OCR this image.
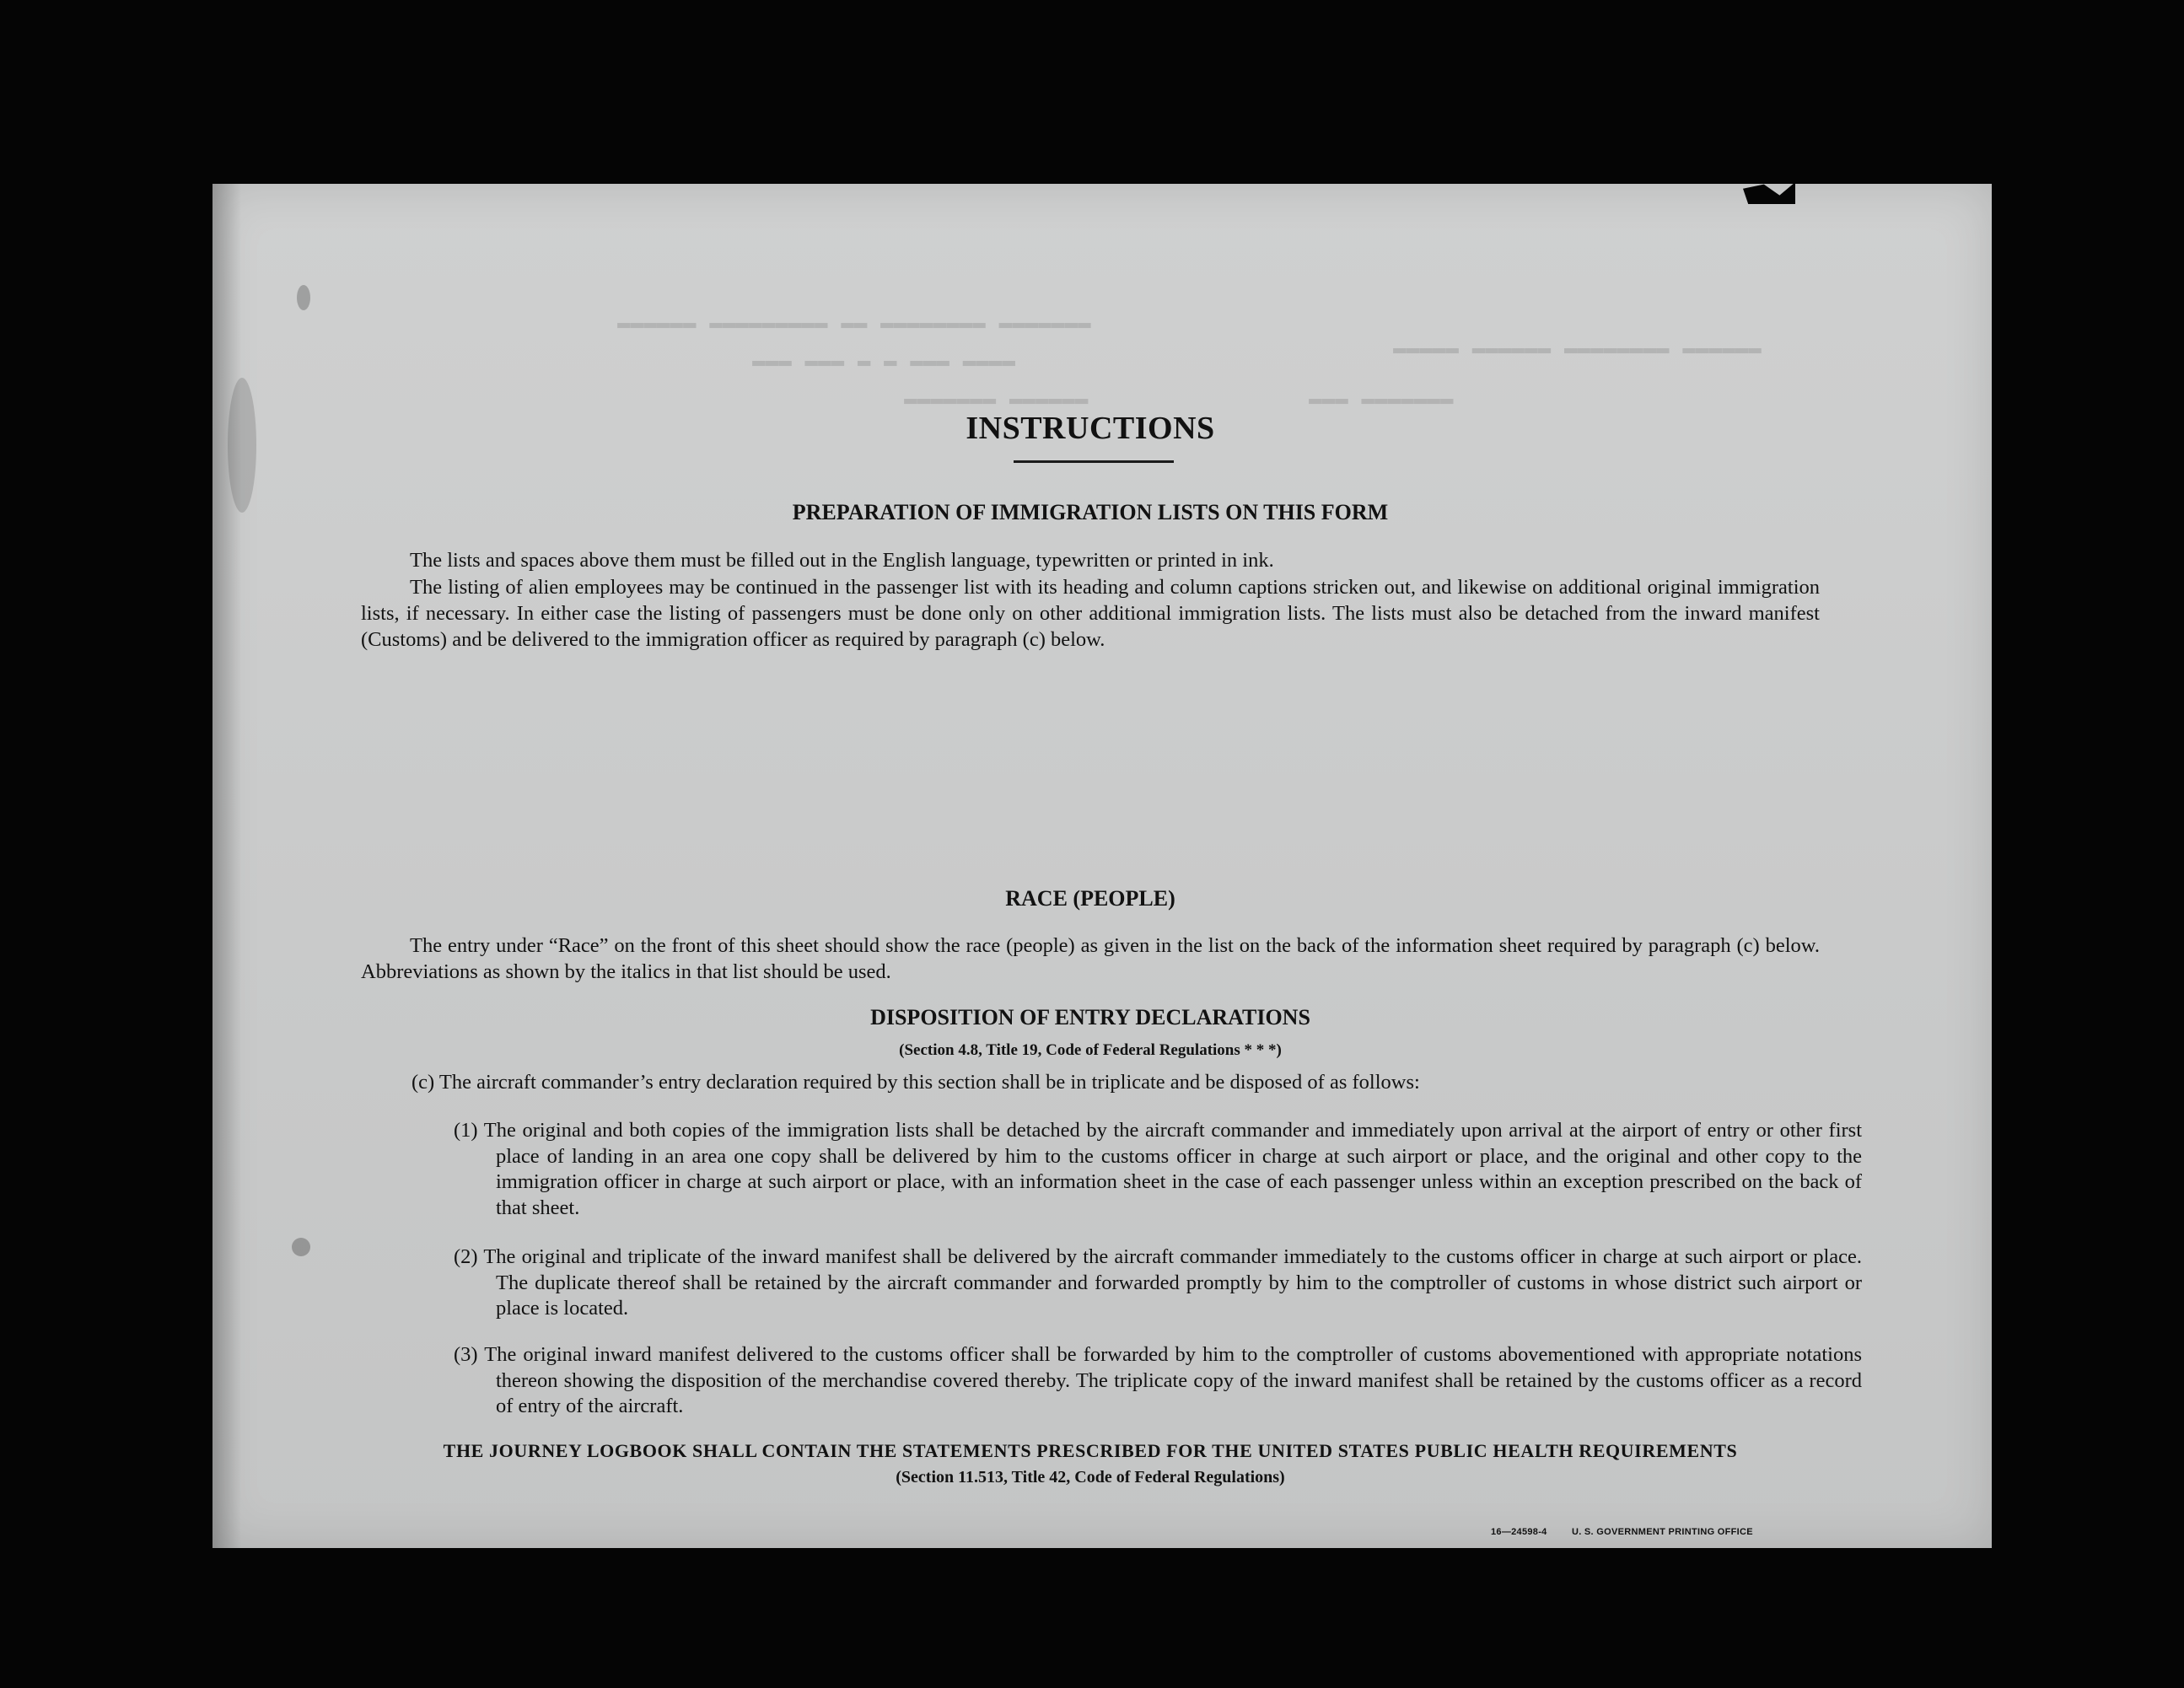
▬▬▬▬▬▬ ▬▬▬▬▬▬▬▬▬ ▬▬ ▬▬▬▬▬▬▬▬ ▬▬▬▬▬▬▬
▬▬▬ ▬▬▬ ▬ ▬ ▬▬▬ ▬▬▬▬
▬▬▬▬▬▬▬ ▬▬▬▬▬▬	▬▬▬ ▬▬▬▬▬▬▬
▬▬▬▬▬ ▬▬▬▬▬▬ ▬▬▬▬▬▬▬▬ ▬▬▬▬▬▬
INSTRUCTIONS
PREPARATION OF IMMIGRATION LISTS ON THIS FORM

The lists and spaces above them must be filled out in the English language, typewritten or printed in ink.

The listing of alien employees may be continued in the passenger list with its heading and column captions stricken out, and likewise on additional original immigration lists, if necessary. In either case the listing of passengers must be done only on other additional immigration lists. The lists must also be detached from the inward manifest (Customs) and be delivered to the immigration officer as required by paragraph (c) below.

RACE (PEOPLE)

The entry under “Race” on the front of this sheet should show the race (people) as given in the list on the back of the information sheet required by paragraph (c) below. Abbreviations as shown by the italics in that list should be used.

DISPOSITION OF ENTRY DECLARATIONS

(Section 4.8, Title 19, Code of Federal Regulations * * *)

(c) The aircraft commander’s entry declaration required by this section shall be in triplicate and be disposed of as follows:

(1) The original and both copies of the immigration lists shall be detached by the aircraft commander and immediately upon arrival at the airport of entry or other first place of landing in an area one copy shall be delivered by him to the customs officer in charge at such airport or place, and the original and other copy to the immigration officer in charge at such airport or place, with an information sheet in the case of each passenger unless within an exception prescribed on the back of that sheet.

(2) The original and triplicate of the inward manifest shall be delivered by the aircraft commander immediately to the customs officer in charge at such airport or place. The duplicate thereof shall be retained by the aircraft commander and forwarded promptly by him to the comptroller of customs in whose district such airport or place is located.

(3) The original inward manifest delivered to the customs officer shall be forwarded by him to the comptroller of customs abovementioned with appropriate notations thereon showing the disposition of the merchandise covered thereby. The triplicate copy of the inward manifest shall be retained by the customs officer as a record of entry of the aircraft.

THE JOURNEY LOGBOOK SHALL CONTAIN THE STATEMENTS PRESCRIBED FOR THE UNITED STATES PUBLIC HEALTH REQUIREMENTS

(Section 11.513, Title 42, Code of Federal Regulations)

16—24598-4	U. S. GOVERNMENT PRINTING OFFICE
